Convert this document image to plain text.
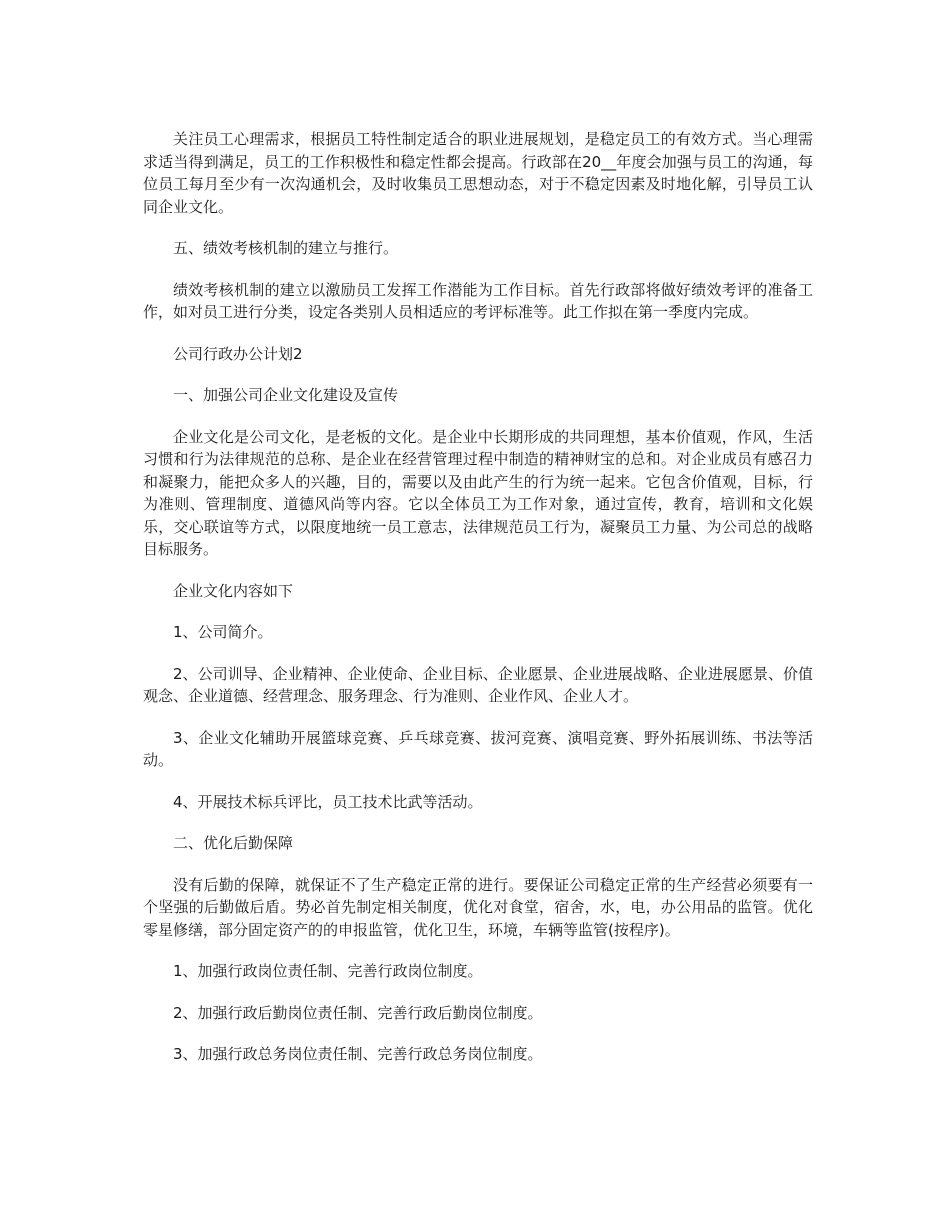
关注员工心理需求，根据员工特性制定适合的职业进展规划，是稳定员工的有效方式。当心理需求适当得到满足，员工的工作积极性和稳定性都会提高。行政部在20__年度会加强与员工的沟通，每位员工每月至少有一次沟通机会，及时收集员工思想动态，对于不稳定因素及时地化解，引导员工认同企业文化。

五、绩效考核机制的建立与推行。

绩效考核机制的建立以激励员工发挥工作潜能为工作目标。首先行政部将做好绩效考评的准备工作，如对员工进行分类，设定各类别人员相适应的考评标准等。此工作拟在第一季度内完成。

公司行政办公计划2

一、加强公司企业文化建设及宣传

企业文化是公司文化，是老板的文化。是企业中长期形成的共同理想，基本价值观，作风，生活习惯和行为法律规范的总称、是企业在经营管理过程中制造的精神财宝的总和。对企业成员有感召力和凝聚力，能把众多人的兴趣，目的，需要以及由此产生的行为统一起来。它包含价值观，目标，行为准则、管理制度、道德风尚等内容。它以全体员工为工作对象，通过宣传，教育，培训和文化娱乐，交心联谊等方式，以限度地统一员工意志，法律规范员工行为，凝聚员工力量、为公司总的战略目标服务。

企业文化内容如下

1、公司简介。

2、公司训导、企业精神、企业使命、企业目标、企业愿景、企业进展战略、企业进展愿景、价值观念、企业道德、经营理念、服务理念、行为准则、企业作风、企业人才。

3、企业文化辅助开展篮球竞赛、乒乓球竞赛、拔河竞赛、演唱竞赛、野外拓展训练、书法等活动。

4、开展技术标兵评比，员工技术比武等活动。

二、优化后勤保障

没有后勤的保障，就保证不了生产稳定正常的进行。要保证公司稳定正常的生产经营必须要有一个坚强的后勤做后盾。势必首先制定相关制度，优化对食堂，宿舍，水，电，办公用品的监管。优化零星修缮，部分固定资产的的申报监管，优化卫生，环境，车辆等监管(按程序)。

1、加强行政岗位责任制、完善行政岗位制度。

2、加强行政后勤岗位责任制、完善行政后勤岗位制度。

3、加强行政总务岗位责任制、完善行政总务岗位制度。
